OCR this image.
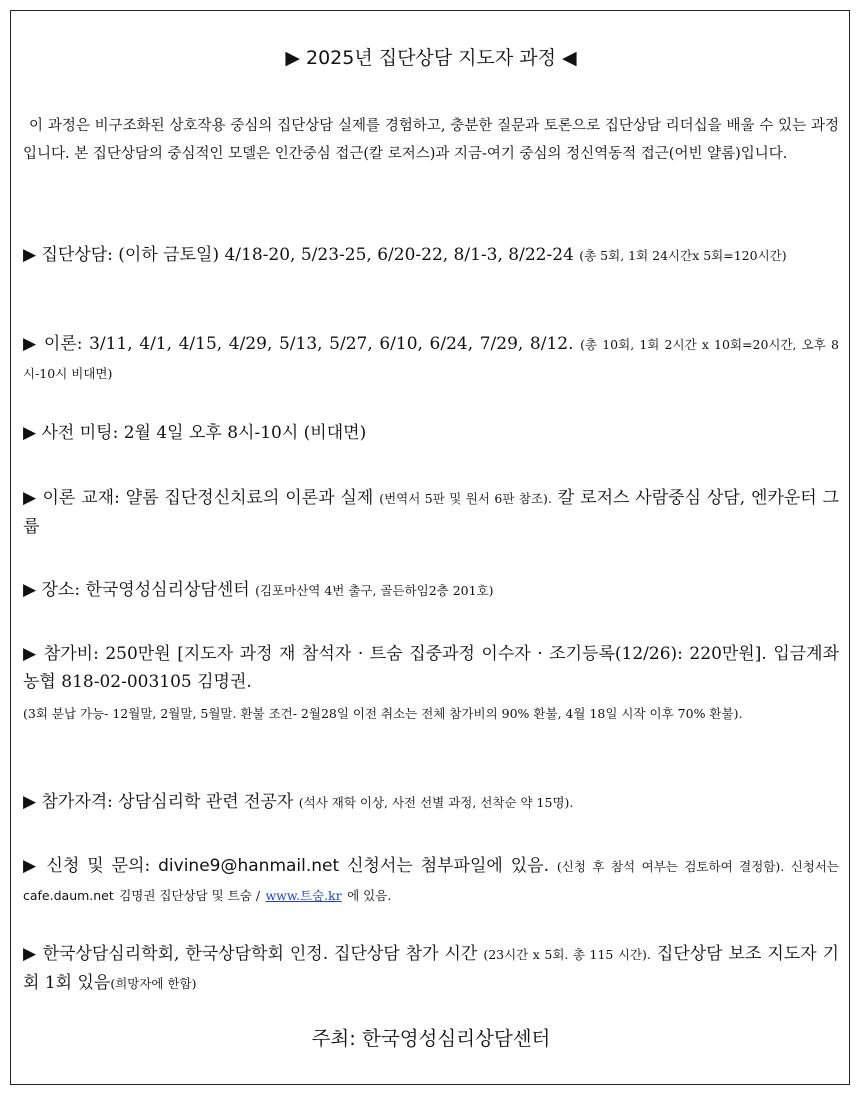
▶ 2025년 집단상담 지도자 과정 ◀
이 과정은 비구조화된 상호작용 중심의 집단상담 실제를 경험하고, 충분한 질문과 토론으로 집단상담 리더십을 배울 수 있는 과정입니다. 본 집단상담의 중심적인 모델은 인간중심 접근(칼 로저스)과 지금-여기 중심의 정신역동적 접근(어빈 얄롬)입니다.
▶ 집단상담: (이하 금토일) 4/18-20, 5/23-25, 6/20-22, 8/1-3, 8/22-24 (총 5회, 1회 24시간x 5회=120시간)
▶ 이론: 3/11, 4/1, 4/15, 4/29, 5/13, 5/27, 6/10, 6/24, 7/29, 8/12. (총 10회, 1회 2시간 x 10회=20시간, 오후 8시-10시 비대면)
▶ 사전 미팅: 2월 4일 오후 8시-10시 (비대면)
▶ 이론 교재: 얄롬 집단정신치료의 이론과 실제 (번역서 5판 및 원서 6판 참조). 칼 로저스 사람중심 상담, 엔카운터 그룹
▶ 장소: 한국영성심리상담센터 (김포마산역 4번 출구, 골든하임2층 201호)
▶ 참가비: 250만원 [지도자 과정 재 참석자 · 트숨 집중과정 이수자 · 조기등록(12/26): 220만원]. 입금계좌 농협 818-02-003105 김명권.
(3회 분납 가능- 12월말, 2월말, 5월말. 환불 조건- 2월28일 이전 취소는 전체 참가비의 90% 환불, 4월 18일 시작 이후 70% 환불).
▶ 참가자격: 상담심리학 관련 전공자 (석사 재학 이상, 사전 선별 과정, 선착순 약 15명).
▶ 신청 및 문의: divine9@hanmail.net 신청서는 첨부파일에 있음. (신청 후 참석 여부는 검토하여 결정함). 신청서는 cafe.daum.net 김명권 집단상담 및 트숨 / www.트숨.kr 에 있음.
▶ 한국상담심리학회, 한국상담학회 인정. 집단상담 참가 시간 (23시간 x 5회. 총 115 시간). 집단상담 보조 지도자 기회 1회 있음(희망자에 한함)
주최: 한국영성심리상담센터
